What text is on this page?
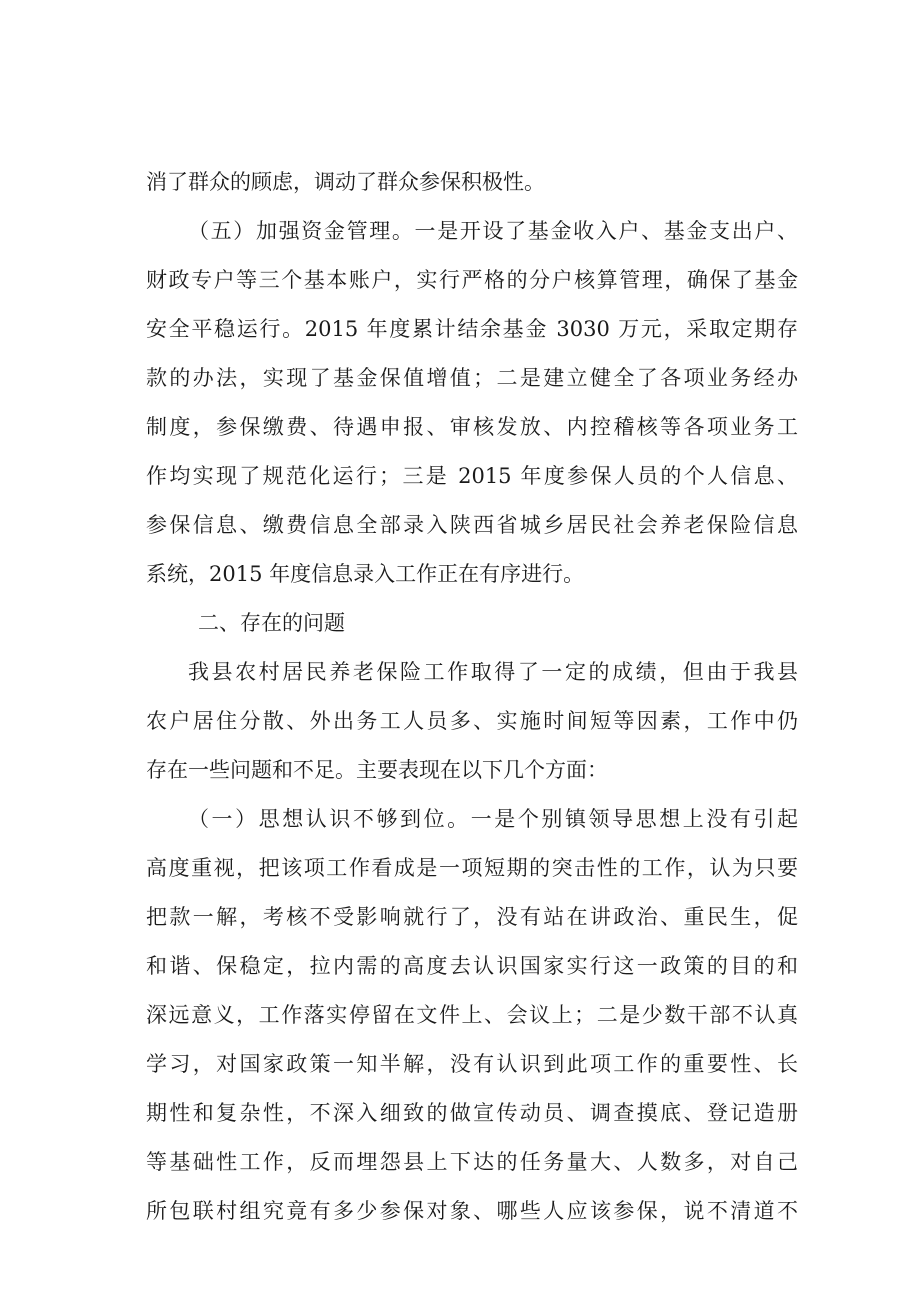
消了群众的顾虑，调动了群众参保积极性。
（五）加强资金管理。一是开设了基金收入户、基金支出户、
财政专户等三个基本账户，实行严格的分户核算管理，确保了基金
安全平稳运行。2015 年度累计结余基金 3030 万元，采取定期存
款的办法，实现了基金保值增值；二是建立健全了各项业务经办
制度，参保缴费、待遇申报、审核发放、内控稽核等各项业务工
作均实现了规范化运行；三是 2015 年度参保人员的个人信息、
参保信息、缴费信息全部录入陕西省城乡居民社会养老保险信息
系统，2015 年度信息录入工作正在有序进行。
二、存在的问题
我县农村居民养老保险工作取得了一定的成绩，但由于我县
农户居住分散、外出务工人员多、实施时间短等因素，工作中仍
存在一些问题和不足。主要表现在以下几个方面：
（一）思想认识不够到位。一是个别镇领导思想上没有引起
高度重视，把该项工作看成是一项短期的突击性的工作，认为只要
把款一解，考核不受影响就行了，没有站在讲政治、重民生，促
和谐、保稳定，拉内需的高度去认识国家实行这一政策的目的和
深远意义，工作落实停留在文件上、会议上；二是少数干部不认真
学习，对国家政策一知半解，没有认识到此项工作的重要性、长
期性和复杂性，不深入细致的做宣传动员、调查摸底、登记造册
等基础性工作，反而埋怨县上下达的任务量大、人数多，对自己
所包联村组究竟有多少参保对象、哪些人应该参保，说不清道不
